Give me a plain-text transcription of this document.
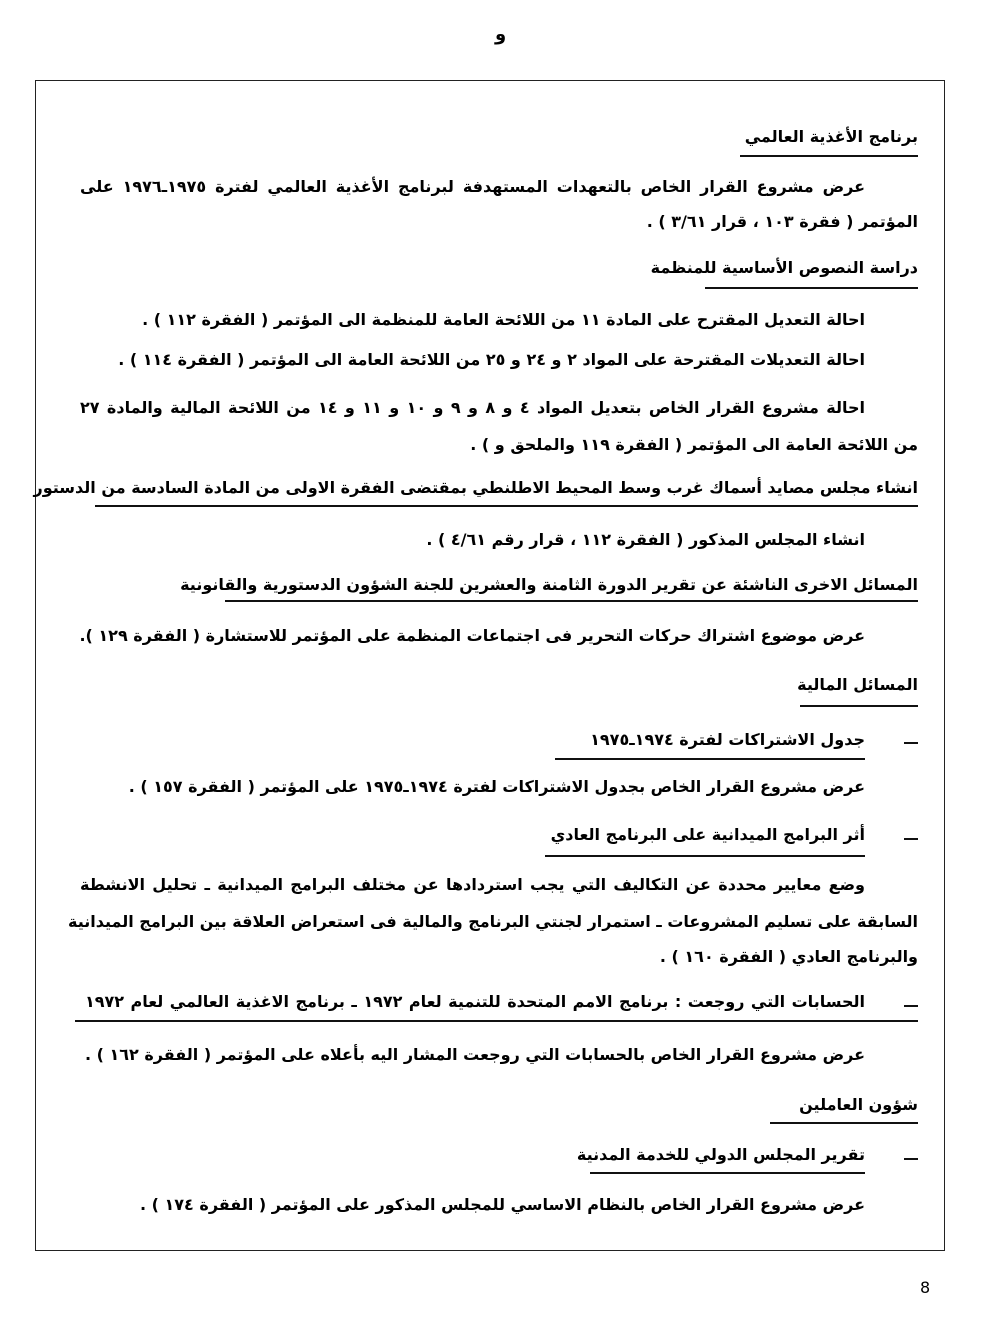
و
برنامج الأغذية العالمي
عرض مشروع القرار الخاص بالتعهدات المستهدفة لبرنامج الأغذية العالمي لفترة ١٩٧٥ـ١٩٧٦ على
المؤتمر ( فقرة ١٠٣ ، قرار ٣/٦١ ) .
دراسة النصوص الأساسية للمنظمة
احالة التعديل المقترح على المادة ١١ من اللائحة العامة للمنظمة الى المؤتمر ( الفقرة ١١٢ ) .
احالة التعديلات المقترحة على المواد ٢ و ٢٤ و ٢٥ من اللائحة العامة الى المؤتمر ( الفقرة ١١٤ ) .
احالة مشروع القرار الخاص بتعديل المواد ٤ و ٨ و ٩ و ١٠ و ١١ و ١٤ من اللائحة المالية والمادة ٢٧
من اللائحة العامة الى المؤتمر ( الفقرة ١١٩ والملحق و ) .
انشاء مجلس مصايد أسماك غرب وسط المحيط الاطلنطي بمقتضى الفقرة الاولى من المادة السادسة من الدستور
انشاء المجلس المذكور ( الفقرة ١١٢ ، قرار رقم ٤/٦١ ) .
المسائل الاخرى الناشئة عن تقرير الدورة الثامنة والعشرين للجنة الشؤون الدستورية والقانونية
عرض موضوع اشتراك حركات التحرير فى اجتماعات المنظمة على المؤتمر للاستشارة ( الفقرة ١٢٩ ).
المسائل المالية
جدول الاشتراكات لفترة ١٩٧٤ـ١٩٧٥
عرض مشروع القرار الخاص بجدول الاشتراكات لفترة ١٩٧٤ـ١٩٧٥ على المؤتمر ( الفقرة ١٥٧ ) .
أثر البرامج الميدانية على البرنامج العادي
وضع معايير محددة عن التكاليف التي يجب استردادها عن مختلف البرامج الميدانية ـ تحليل الانشطة
السابقة على تسليم المشروعات ـ استمرار لجنتي البرنامج والمالية فى استعراض العلاقة بين البرامج الميدانية
والبرنامج العادي ( الفقرة ١٦٠ ) .
الحسابات التي روجعت : برنامج الامم المتحدة للتنمية لعام ١٩٧٢ ـ برنامج الاغذية العالمي لعام ١٩٧٢
عرض مشروع القرار الخاص بالحسابات التي روجعت المشار اليه بأعلاه على المؤتمر ( الفقرة ١٦٢ ) .
شؤون العاملين
تقرير المجلس الدولي للخدمة المدنية
عرض مشروع القرار الخاص بالنظام الاساسي للمجلس المذكور على المؤتمر ( الفقرة ١٧٤ ) .
8
